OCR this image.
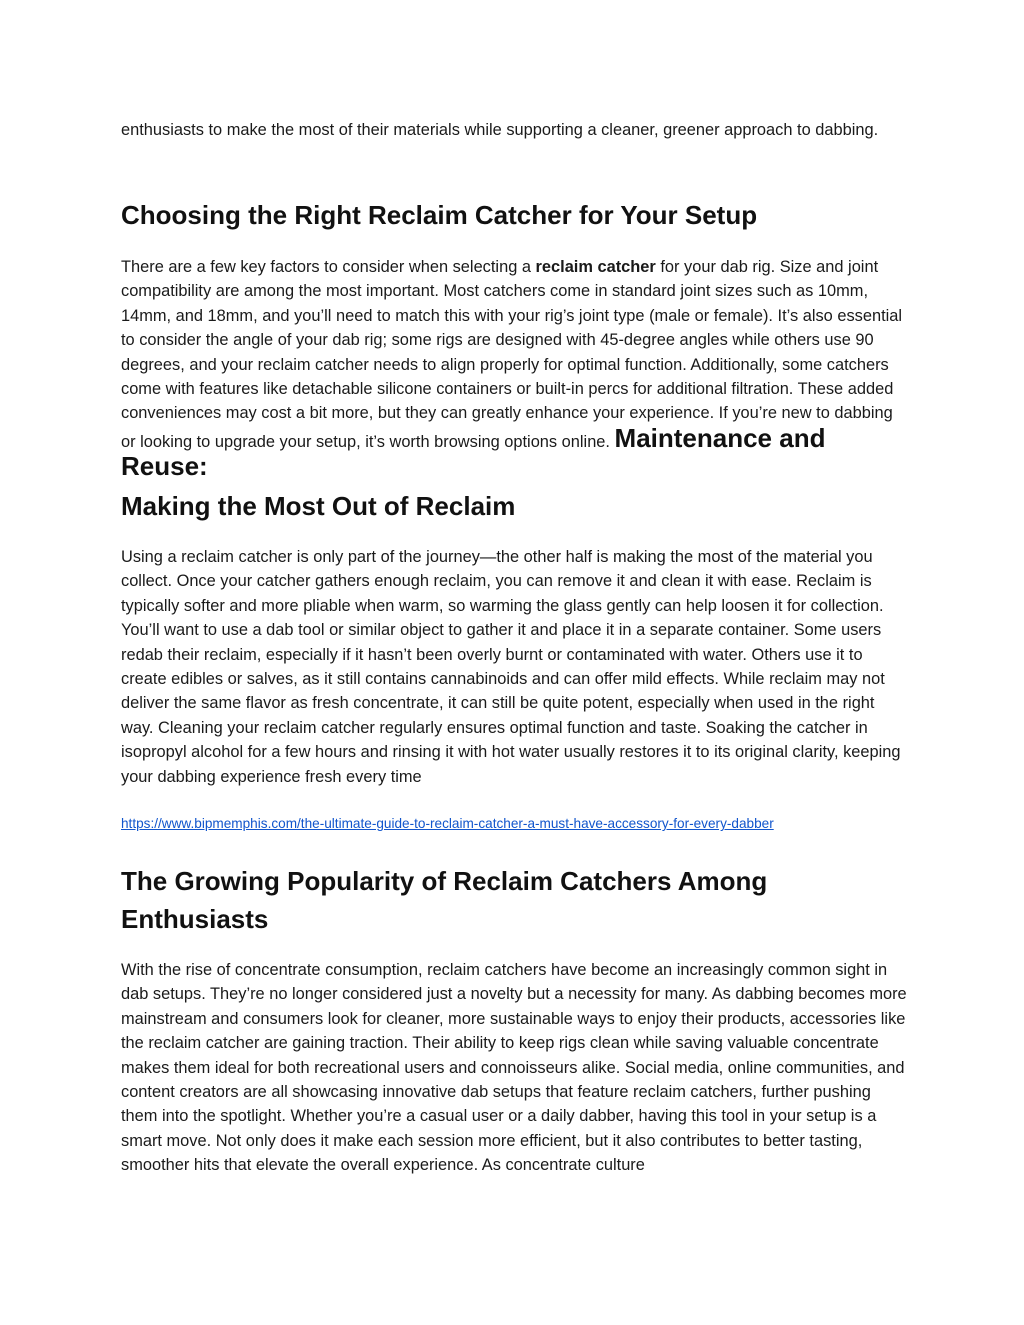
enthusiasts to make the most of their materials while supporting a cleaner, greener approach to dabbing.

Choosing the Right Reclaim Catcher for Your Setup

There are a few key factors to consider when selecting a reclaim catcher for your dab rig. Size and joint compatibility are among the most important. Most catchers come in standard joint sizes such as 10mm, 14mm, and 18mm, and you’ll need to match this with your rig’s joint type (male or female). It’s also essential to consider the angle of your dab rig; some rigs are designed with 45-degree angles while others use 90 degrees, and your reclaim catcher needs to align properly for optimal function. Additionally, some catchers come with features like detachable silicone containers or built-in percs for additional filtration. These added conveniences may cost a bit more, but they can greatly enhance your experience. If you’re new to dabbing or looking to upgrade your setup, it’s worth browsing options online. Maintenance and Reuse:

Making the Most Out of Reclaim

Using a reclaim catcher is only part of the journey—the other half is making the most of the material you collect. Once your catcher gathers enough reclaim, you can remove it and clean it with ease. Reclaim is typically softer and more pliable when warm, so warming the glass gently can help loosen it for collection. You’ll want to use a dab tool or similar object to gather it and place it in a separate container. Some users redab their reclaim, especially if it hasn’t been overly burnt or contaminated with water. Others use it to create edibles or salves, as it still contains cannabinoids and can offer mild effects. While reclaim may not deliver the same flavor as fresh concentrate, it can still be quite potent, especially when used in the right way. Cleaning your reclaim catcher regularly ensures optimal function and taste. Soaking the catcher in isopropyl alcohol for a few hours and rinsing it with hot water usually restores it to its original clarity, keeping your dabbing experience fresh every time

https://www.bipmemphis.com/the-ultimate-guide-to-reclaim-catcher-a-must-have-accessory-for-every-dabber
The Growing Popularity of Reclaim Catchers Among Enthusiasts

With the rise of concentrate consumption, reclaim catchers have become an increasingly common sight in dab setups. They’re no longer considered just a novelty but a necessity for many. As dabbing becomes more mainstream and consumers look for cleaner, more sustainable ways to enjoy their products, accessories like the reclaim catcher are gaining traction. Their ability to keep rigs clean while saving valuable concentrate makes them ideal for both recreational users and connoisseurs alike. Social media, online communities, and content creators are all showcasing innovative dab setups that feature reclaim catchers, further pushing them into the spotlight. Whether you’re a casual user or a daily dabber, having this tool in your setup is a smart move. Not only does it make each session more efficient, but it also contributes to better tasting, smoother hits that elevate the overall experience. As concentrate culture
